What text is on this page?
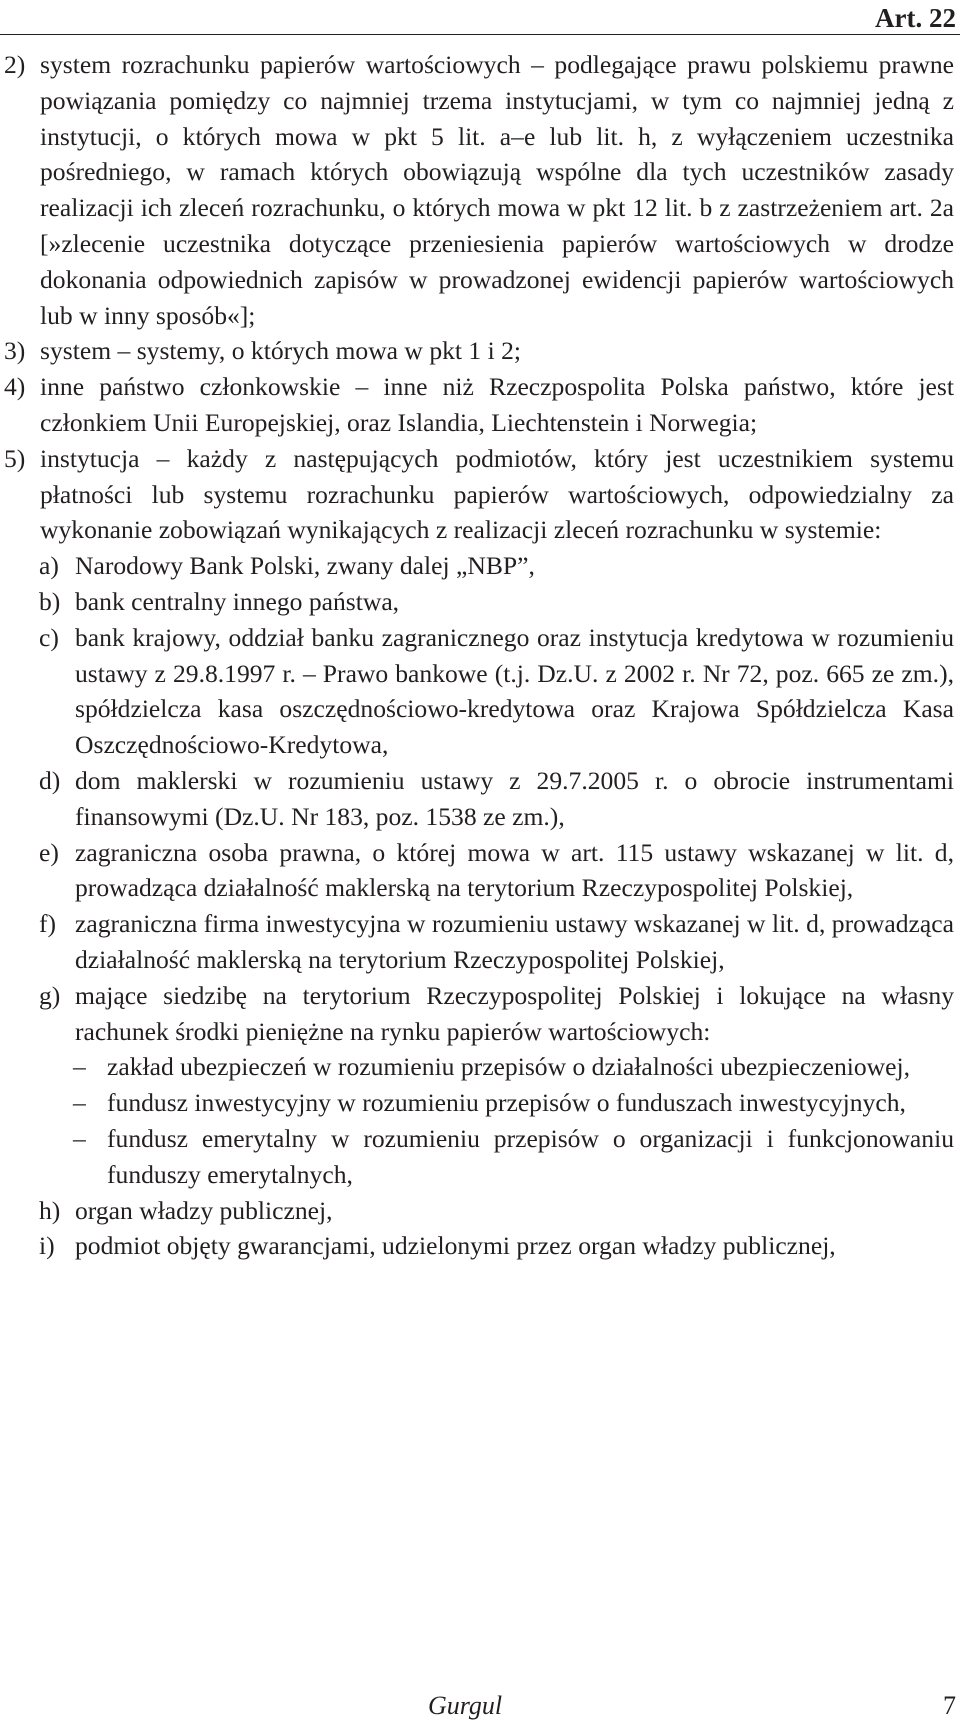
Art. 22

2) system rozrachunku papierów wartościowych – podlegające prawu polskiemu prawne powiązania pomiędzy co najmniej trzema instytucjami, w tym co najmniej jedną z instytucji, o których mowa w pkt 5 lit. a–e lub lit. h, z wyłączeniem uczestnika pośredniego, w ramach których obowiązują wspólne dla tych uczestników zasady realizacji ich zleceń rozrachunku, o których mowa w pkt 12 lit. b z zastrzeżeniem art. 2a [»zlecenie uczestnika dotyczące przeniesienia papierów wartościowych w drodze dokonania odpowiednich zapisów w prowadzonej ewidencji papierów wartościowych lub w inny sposób«];

3) system – systemy, o których mowa w pkt 1 i 2;

4) inne państwo członkowskie – inne niż Rzeczpospolita Polska państwo, które jest członkiem Unii Europejskiej, oraz Islandia, Liechtenstein i Norwegia;

5) instytucja – każdy z następujących podmiotów, który jest uczestnikiem systemu płatności lub systemu rozrachunku papierów wartościowych, odpowiedzialny za wykonanie zobowiązań wynikających z realizacji zleceń rozrachunku w systemie:

a) Narodowy Bank Polski, zwany dalej „NBP”,

b) bank centralny innego państwa,

c) bank krajowy, oddział banku zagranicznego oraz instytucja kredytowa w rozumieniu ustawy z 29.8.1997 r. – Prawo bankowe (t.j. Dz.U. z 2002 r. Nr 72, poz. 665 ze zm.), spółdzielcza kasa oszczędnościowo-kredytowa oraz Krajowa Spółdzielcza Kasa Oszczędnościowo-Kredytowa,

d) dom maklerski w rozumieniu ustawy z 29.7.2005 r. o obrocie instrumentami finansowymi (Dz.U. Nr 183, poz. 1538 ze zm.),

e) zagraniczna osoba prawna, o której mowa w art. 115 ustawy wskazanej w lit. d, prowadząca działalność maklerską na terytorium Rzeczypospolitej Polskiej,

f) zagraniczna firma inwestycyjna w rozumieniu ustawy wskazanej w lit. d, prowadząca działalność maklerską na terytorium Rzeczypospolitej Polskiej,

g) mające siedzibę na terytorium Rzeczypospolitej Polskiej i lokujące na własny rachunek środki pieniężne na rynku papierów wartościowych:

– zakład ubezpieczeń w rozumieniu przepisów o działalności ubezpieczeniowej,

– fundusz inwestycyjny w rozumieniu przepisów o funduszach inwestycyjnych,

– fundusz emerytalny w rozumieniu przepisów o organizacji i funkcjonowaniu funduszy emerytalnych,

h) organ władzy publicznej,

i) podmiot objęty gwarancjami, udzielonymi przez organ władzy publicznej,

Gurgul	7
